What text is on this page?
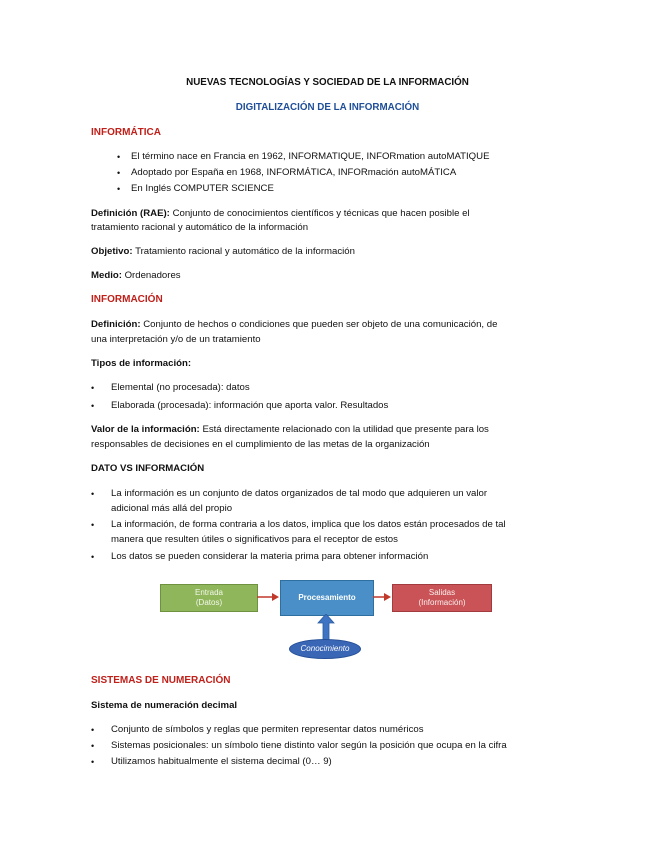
NUEVAS TECNOLOGÍAS Y SOCIEDAD DE LA INFORMACIÓN
DIGITALIZACIÓN DE LA INFORMACIÓN
INFORMÁTICA
• El término nace en Francia en 1962, INFORMATIQUE, INFORmation autoMATIQUE
• Adoptado por España en 1968, INFORMÁTICA, INFORmación autoMÁTICA
• En Inglés COMPUTER SCIENCE
Definición (RAE): Conjunto de conocimientos científicos y técnicas que hacen posible el
tratamiento racional y automático de la información
Objetivo: Tratamiento racional y automático de la información
Medio: Ordenadores
INFORMACIÓN
Definición: Conjunto de hechos o condiciones que pueden ser objeto de una comunicación, de
una interpretación y/o de un tratamiento
Tipos de información:
• Elemental (no procesada): datos
• Elaborada (procesada): información que aporta valor. Resultados
Valor de la información: Está directamente relacionado con la utilidad que presente para los
responsables de decisiones en el cumplimiento de las metas de la organización
DATO VS INFORMACIÓN
• La información es un conjunto de datos organizados de tal modo que adquieren un valor
adicional más allá del propio
• La información, de forma contraria a los datos, implica que los datos están procesados de tal
manera que resulten útiles o significativos para el receptor de estos
• Los datos se pueden considerar la materia prima para obtener información
Entrada
(Datos)
Procesamiento
Salidas
(Información)
Conocimiento
SISTEMAS DE NUMERACIÓN
Sistema de numeración decimal
• Conjunto de símbolos y reglas que permiten representar datos numéricos
• Sistemas posicionales: un símbolo tiene distinto valor según la posición que ocupa en la cifra
• Utilizamos habitualmente el sistema decimal (0… 9)
